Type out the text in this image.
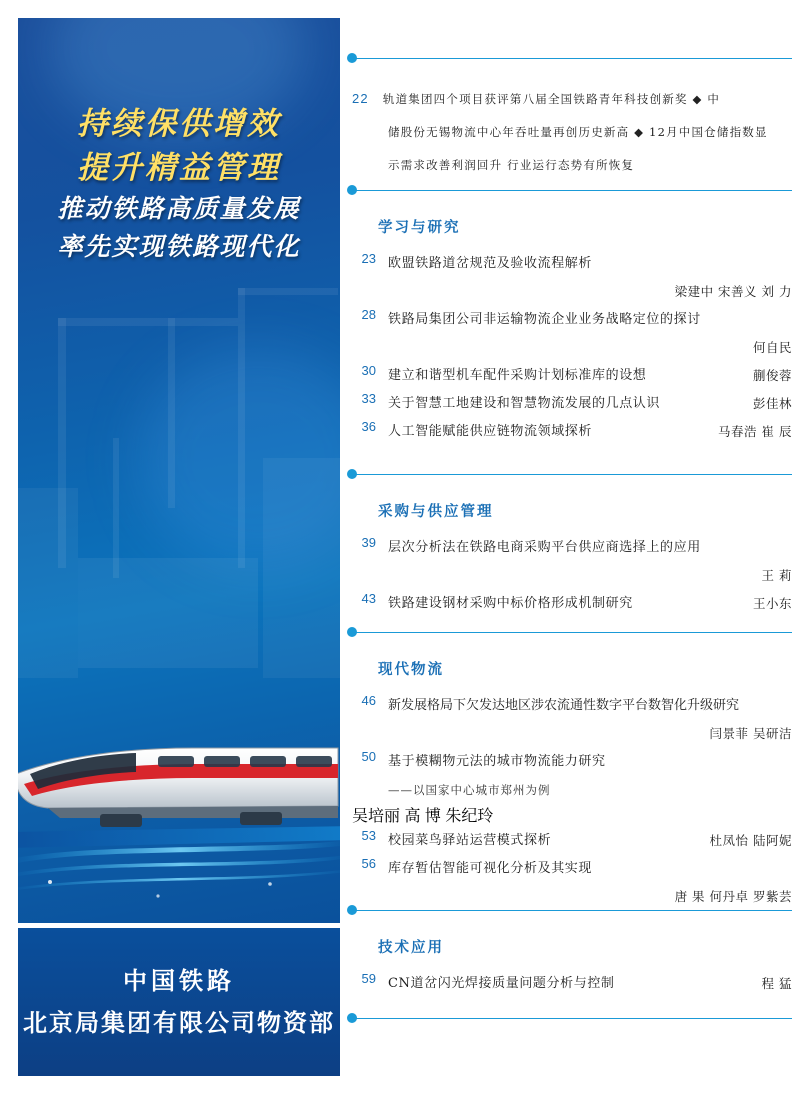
持续保供增效
提升精益管理
推动铁路高质量发展
率先实现铁路现代化
中国铁路
北京局集团有限公司物资部
22 轨道集团四个项目获评第八届全国铁路青年科技创新奖 ◆ 中
储股份无锡物流中心年吞吐量再创历史新高 ◆ 12月中国仓储指数显
示需求改善利润回升 行业运行态势有所恢复
学习与研究
23 欧盟铁路道岔规范及验收流程解析
梁建中 宋善义 刘 力
28 铁路局集团公司非运输物流企业业务战略定位的探讨
何自民
30 建立和谐型机车配件采购计划标准库的设想	蒯俊蓉
33 关于智慧工地建设和智慧物流发展的几点认识	彭佳林
36 人工智能赋能供应链物流领域探析	马春浩 崔 辰
采购与供应管理
39 层次分析法在铁路电商采购平台供应商选择上的应用
王 莉
43 铁路建设钢材采购中标价格形成机制研究	王小东
现代物流
46 新发展格局下欠发达地区涉农流通性数字平台数智化升级研究
闫景菲 吴研洁
50 基于模糊物元法的城市物流能力研究
——以国家中心城市郑州为例
吴培丽 高 博 朱纪玲
53 校园菜鸟驿站运营模式探析	杜凤怡 陆阿妮
56 库存暂估智能可视化分析及其实现
唐 果 何丹卓 罗紫芸
技术应用
59 CN道岔闪光焊接质量问题分析与控制	程 猛
